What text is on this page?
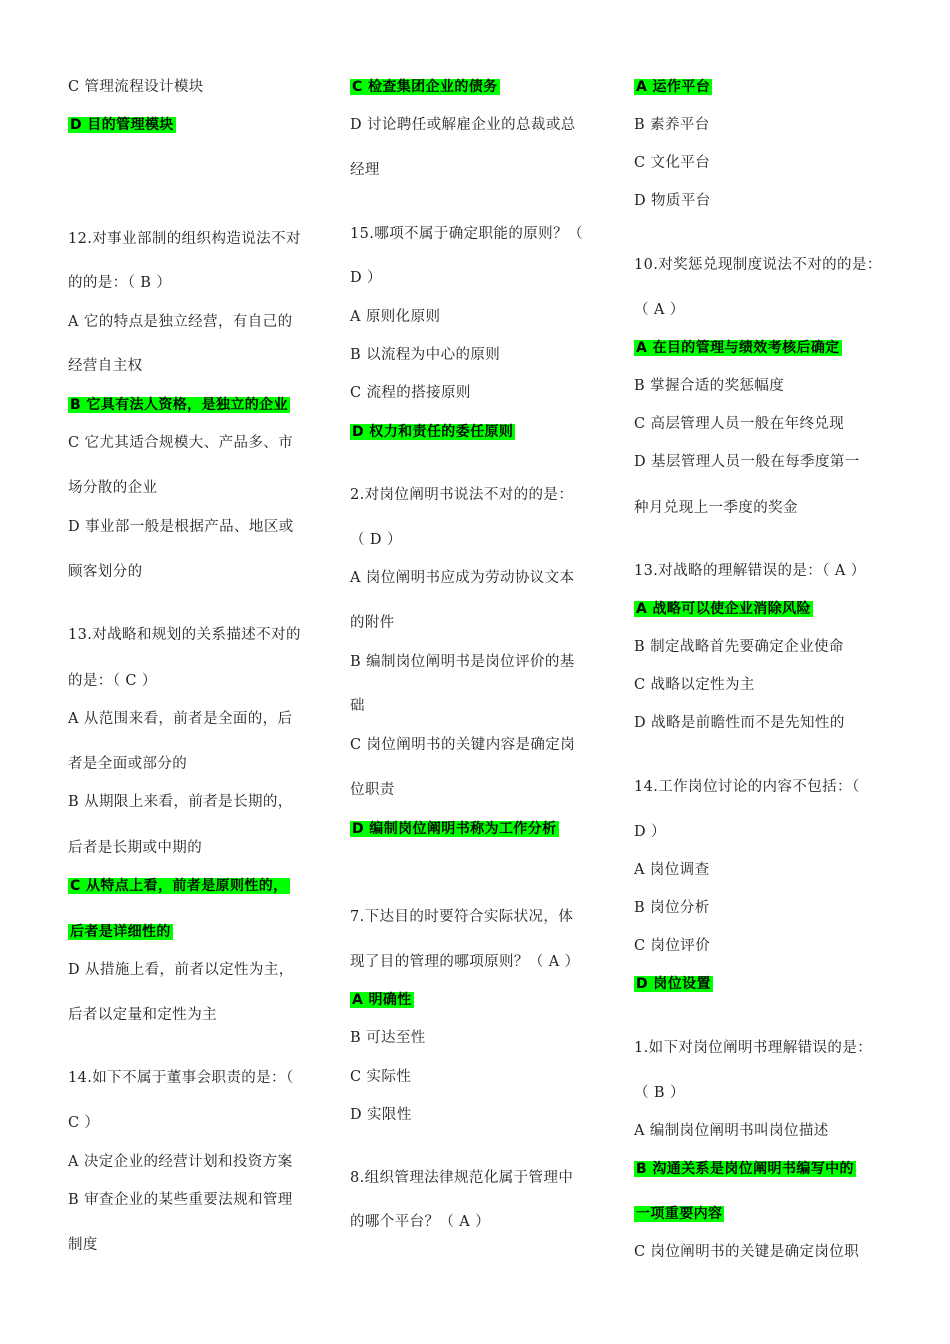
C 管理流程设计模块
D 目的管理模块
12.对事业部制的组织构造说法不对
的的是：（ B ）
A 它的特点是独立经营，有自己的
经营自主权
B 它具有法人资格，是独立的企业
C 它尤其适合规模大、产品多、市
场分散的企业
D 事业部一般是根据产品、地区或
顾客划分的
13.对战略和规划的关系描述不对的
的是：（ C ）
A 从范围来看，前者是全面的，后
者是全面或部分的
B 从期限上来看，前者是长期的，
后者是长期或中期的
C 从特点上看，前者是原则性的，
后者是详细性的
D 从措施上看，前者以定性为主，
后者以定量和定性为主
14.如下不属于董事会职责的是：（
C ）
A 决定企业的经营计划和投资方案
B 审查企业的某些重要法规和管理
制度
C 检查集团企业的债务
D 讨论聘任或解雇企业的总裁或总
经理
15.哪项不属于确定职能的原则？（
D ）
A 原则化原则
B 以流程为中心的原则
C 流程的搭接原则
D 权力和责任的委任原则
2.对岗位阐明书说法不对的的是：
（ D ）
A 岗位阐明书应成为劳动协议文本
的附件
B 编制岗位阐明书是岗位评价的基
础
C 岗位阐明书的关键内容是确定岗
位职责
D 编制岗位阐明书称为工作分析
7.下达目的时要符合实际状况，体
现了目的管理的哪项原则？（ A ）
A 明确性
B 可达至性
C 实际性
D 实限性
8.组织管理法律规范化属于管理中
的哪个平台？（ A ）
A 运作平台
B 素养平台
C 文化平台
D 物质平台
10.对奖惩兑现制度说法不对的的是：
（ A ）
A 在目的管理与绩效考核后确定
B 掌握合适的奖惩幅度
C 高层管理人员一般在年终兑现
D 基层管理人员一般在每季度第一
种月兑现上一季度的奖金
13.对战略的理解错误的是：（ A ）
A 战略可以使企业消除风险
B 制定战略首先要确定企业使命
C 战略以定性为主
D 战略是前瞻性而不是先知性的
14.工作岗位讨论的内容不包括：（
D ）
A 岗位调查
B 岗位分析
C 岗位评价
D 岗位设置
1.如下对岗位阐明书理解错误的是：
（ B ）
A 编制岗位阐明书叫岗位描述
B 沟通关系是岗位阐明书编写中的
一项重要内容
C 岗位阐明书的关键是确定岗位职
